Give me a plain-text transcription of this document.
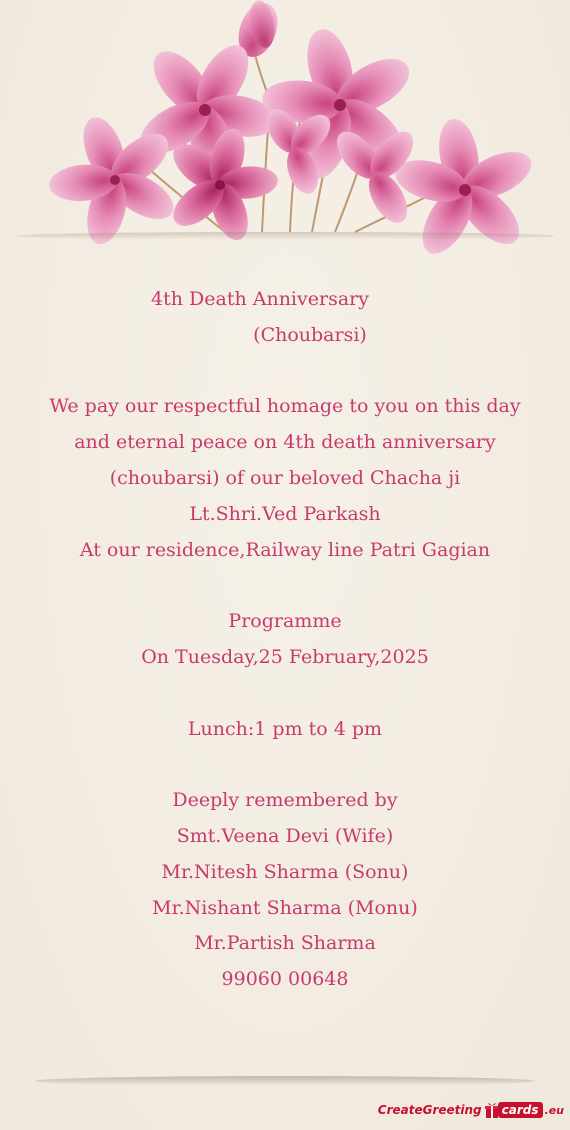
4th Death Anniversary
(Choubarsi)
We pay our respectful homage to you on this day
and eternal peace on 4th death anniversary
(choubarsi) of our beloved Chacha ji
Lt.Shri.Ved Parkash
At our residence,Railway line Patri Gagian
Programme
On Tuesday,25 February,2025
Lunch:1 pm to 4 pm
Deeply remembered by
Smt.Veena Devi (Wife)
Mr.Nitesh Sharma (Sonu)
Mr.Nishant Sharma (Monu)
Mr.Partish Sharma
99060 00648
CreateGreeting	cards .eu
